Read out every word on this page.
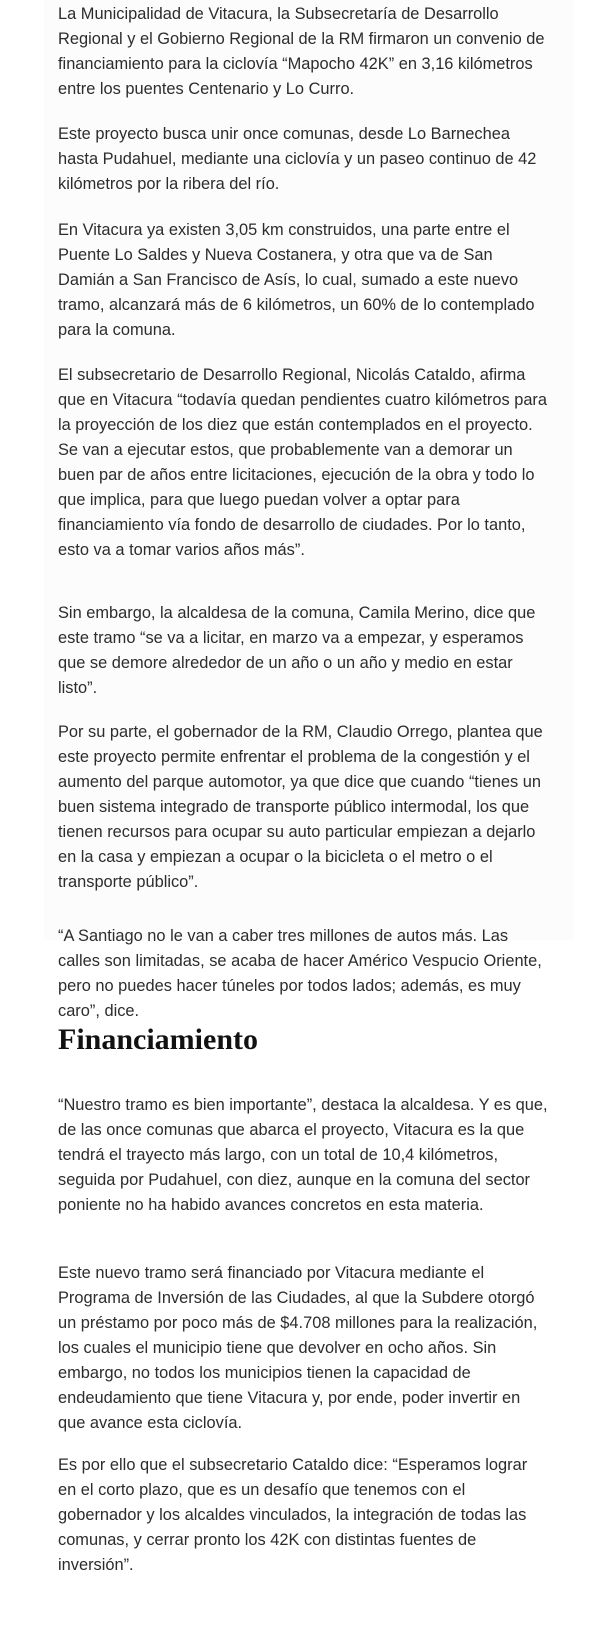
La Municipalidad de Vitacura, la Subsecretaría de Desarrollo Regional y el Gobierno Regional de la RM firmaron un convenio de financiamiento para la ciclovía “Mapocho 42K” en 3,16 kilómetros entre los puentes Centenario y Lo Curro.

Este proyecto busca unir once comunas, desde Lo Barnechea hasta Pudahuel, mediante una ciclovía y un paseo continuo de 42 kilómetros por la ribera del río.

En Vitacura ya existen 3,05 km construidos, una parte entre el Puente Lo Saldes y Nueva Costanera, y otra que va de San Damián a San Francisco de Asís, lo cual, sumado a este nuevo tramo, alcanzará más de 6 kilómetros, un 60% de lo contemplado para la comuna.

El subsecretario de Desarrollo Regional, Nicolás Cataldo, afirma que en Vitacura “todavía quedan pendientes cuatro kilómetros para la proyección de los diez que están contemplados en el proyecto. Se van a ejecutar estos, que probablemente van a demorar un buen par de años entre licitaciones, ejecución de la obra y todo lo que implica, para que luego puedan volver a optar para financiamiento vía fondo de desarrollo de ciudades. Por lo tanto, esto va a tomar varios años más”.

Sin embargo, la alcaldesa de la comuna, Camila Merino, dice que este tramo “se va a licitar, en marzo va a empezar, y esperamos que se demore alrededor de un año o un año y medio en estar listo”.

Por su parte, el gobernador de la RM, Claudio Orrego, plantea que este proyecto permite enfrentar el problema de la congestión y el aumento del parque automotor, ya que dice que cuando “tienes un buen sistema integrado de transporte público intermodal, los que tienen recursos para ocupar su auto particular empiezan a dejarlo en la casa y empiezan a ocupar o la bicicleta o el metro o el transporte público”.

“A Santiago no le van a caber tres millones de autos más. Las calles son limitadas, se acaba de hacer Américo Vespucio Oriente, pero no puedes hacer túneles por todos lados; además, es muy caro”, dice.

Financiamiento

“Nuestro tramo es bien importante”, destaca la alcaldesa. Y es que, de las once comunas que abarca el proyecto, Vitacura es la que tendrá el trayecto más largo, con un total de 10,4 kilómetros, seguida por Pudahuel, con diez, aunque en la comuna del sector poniente no ha habido avances concretos en esta materia.

Este nuevo tramo será financiado por Vitacura mediante el Programa de Inversión de las Ciudades, al que la Subdere otorgó un préstamo por poco más de $4.708 millones para la realización, los cuales el municipio tiene que devolver en ocho años. Sin embargo, no todos los municipios tienen la capacidad de endeudamiento que tiene Vitacura y, por ende, poder invertir en que avance esta ciclovía.

Es por ello que el subsecretario Cataldo dice: “Esperamos lograr en el corto plazo, que es un desafío que tenemos con el gobernador y los alcaldes vinculados, la integración de todas las comunas, y cerrar pronto los 42K con distintas fuentes de inversión”.
